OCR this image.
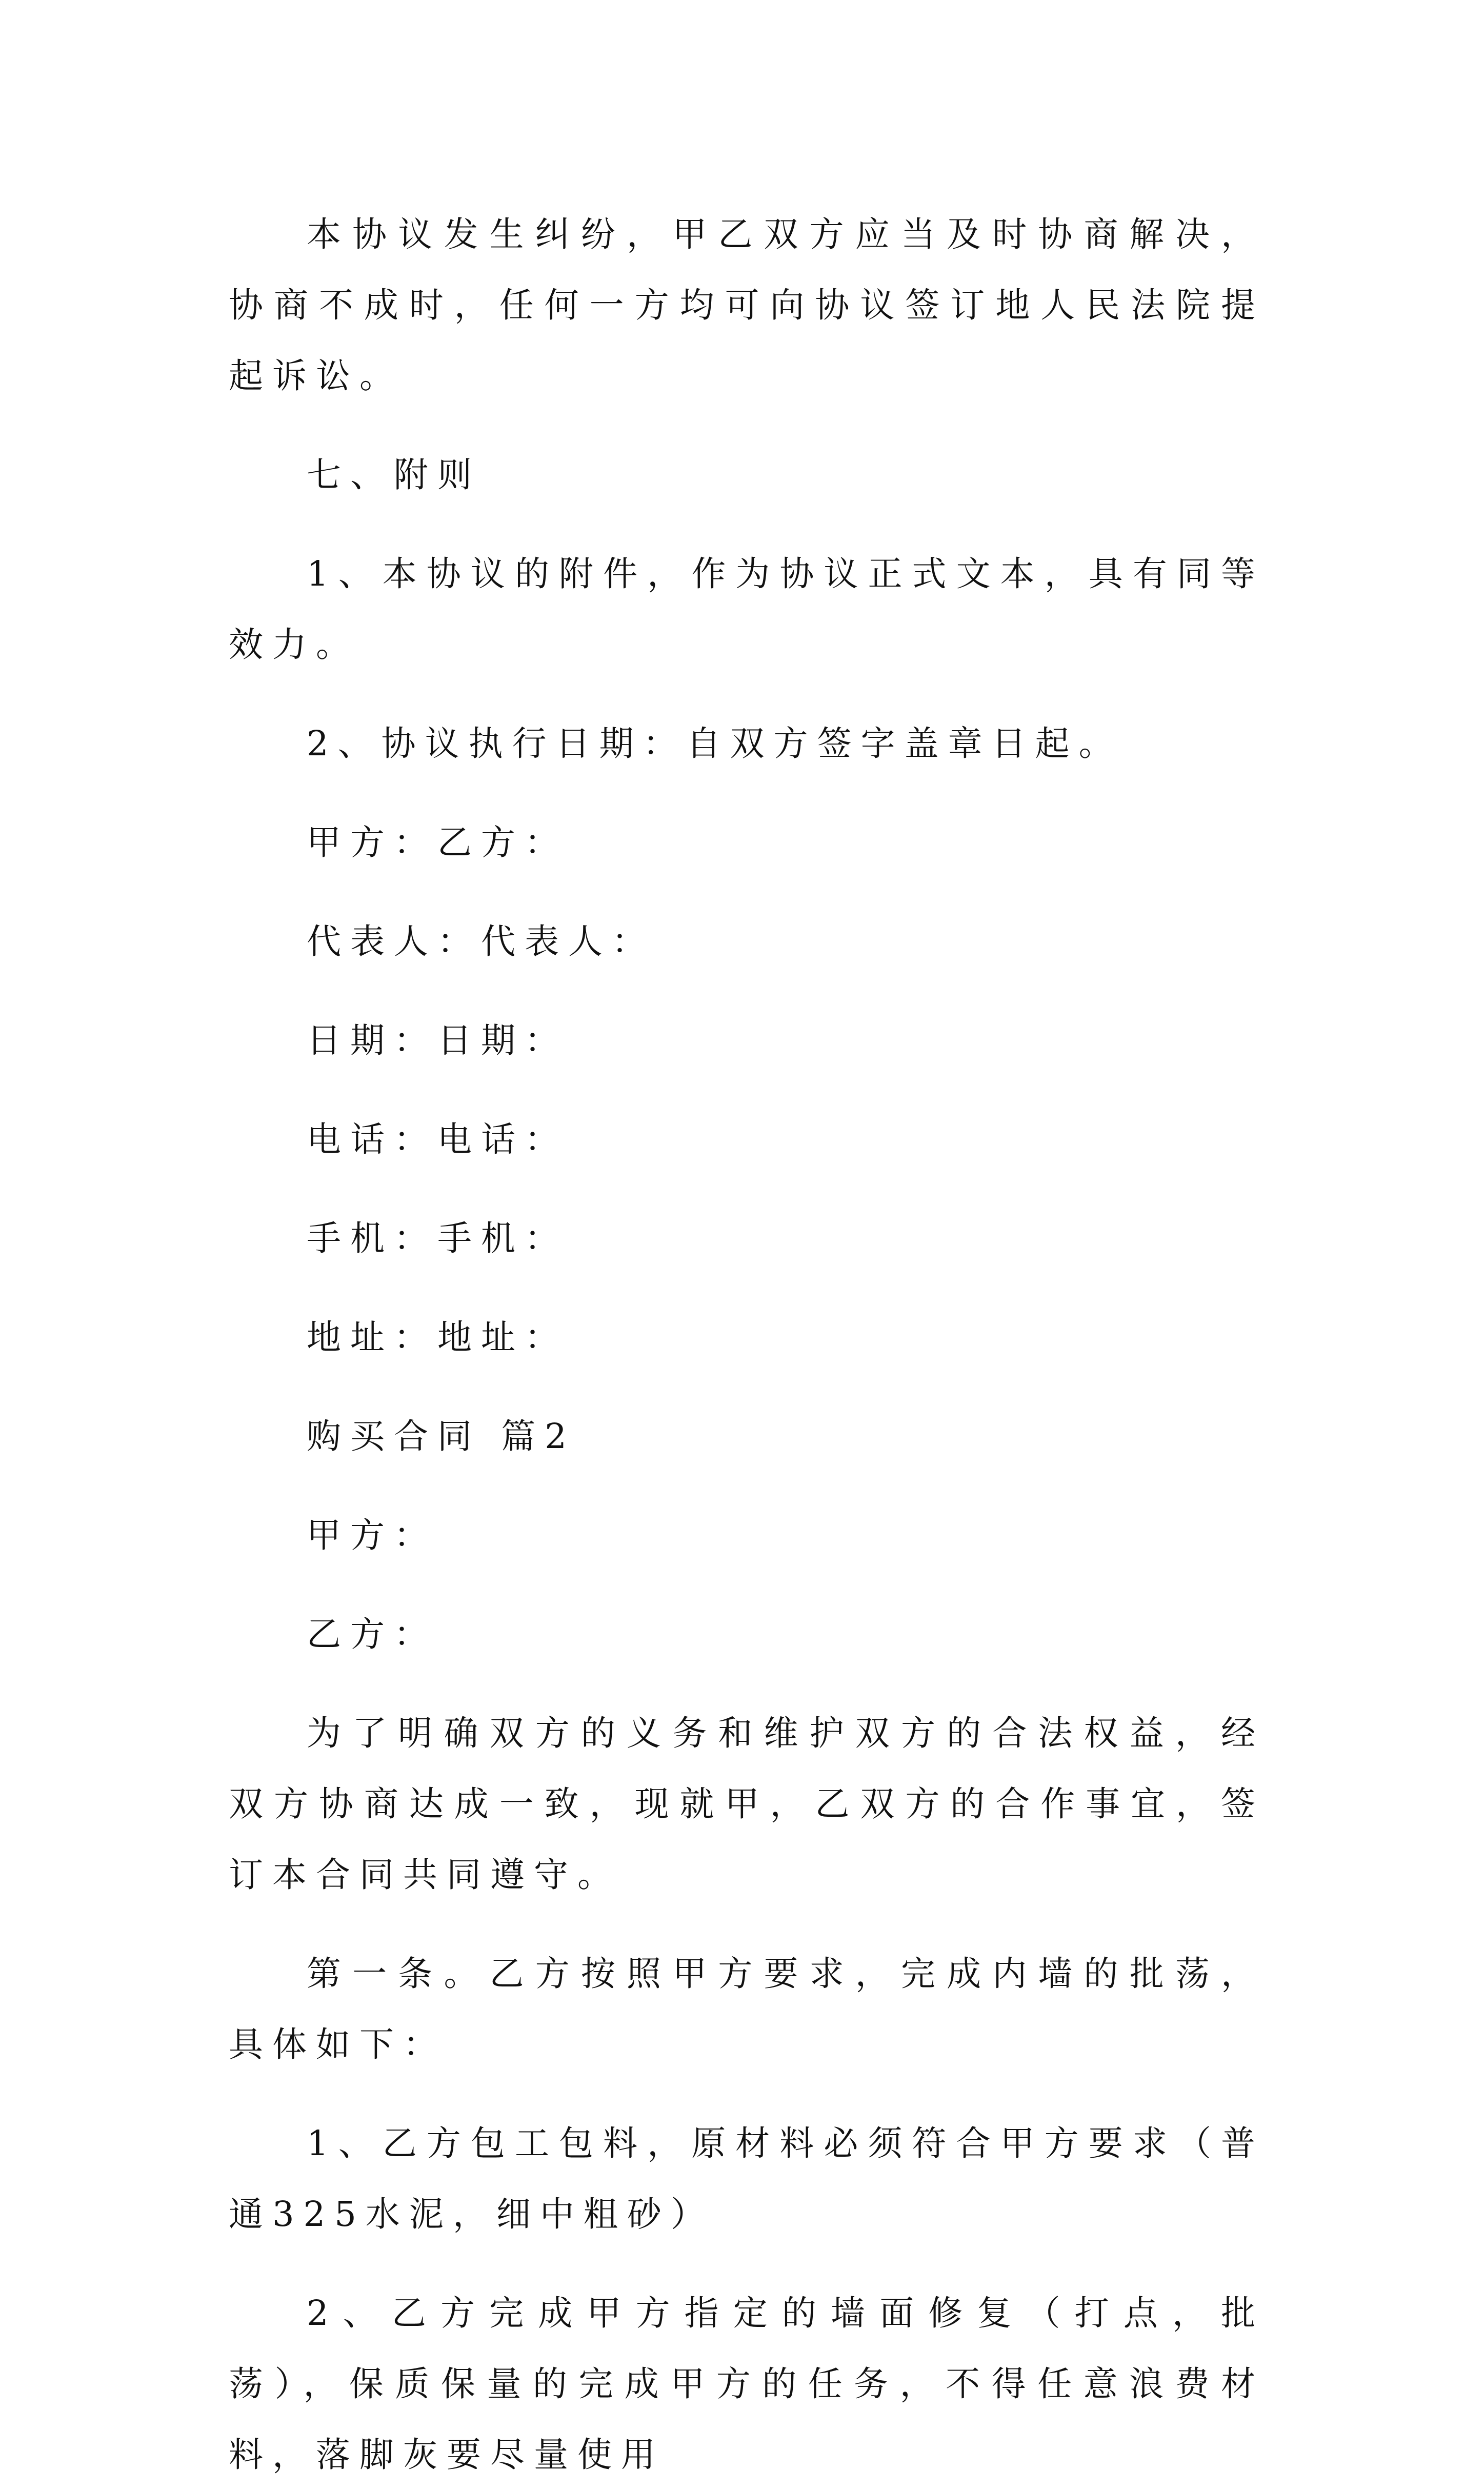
本协议发生纠纷，甲乙双方应当及时协商解决，协商不成时，任何一方均可向协议签订地人民法院提起诉讼。

七、附则

1、本协议的附件，作为协议正式文本，具有同等效力。

2、协议执行日期：自双方签字盖章日起。

甲方：乙方：

代表人：代表人：

日期：日期：

电话：电话：

手机：手机：

地址：地址：

购买合同 篇2

甲方：

乙方：

为了明确双方的义务和维护双方的合法权益，经双方协商达成一致，现就甲，乙双方的合作事宜，签订本合同共同遵守。

第一条。乙方按照甲方要求，完成内墙的批荡，具体如下：

1、乙方包工包料，原材料必须符合甲方要求（普通325水泥，细中粗砂）

2、乙方完成甲方指定的墙面修复（打点，批荡），保质保量的完成甲方的任务，不得任意浪费材料，落脚灰要尽量使用
